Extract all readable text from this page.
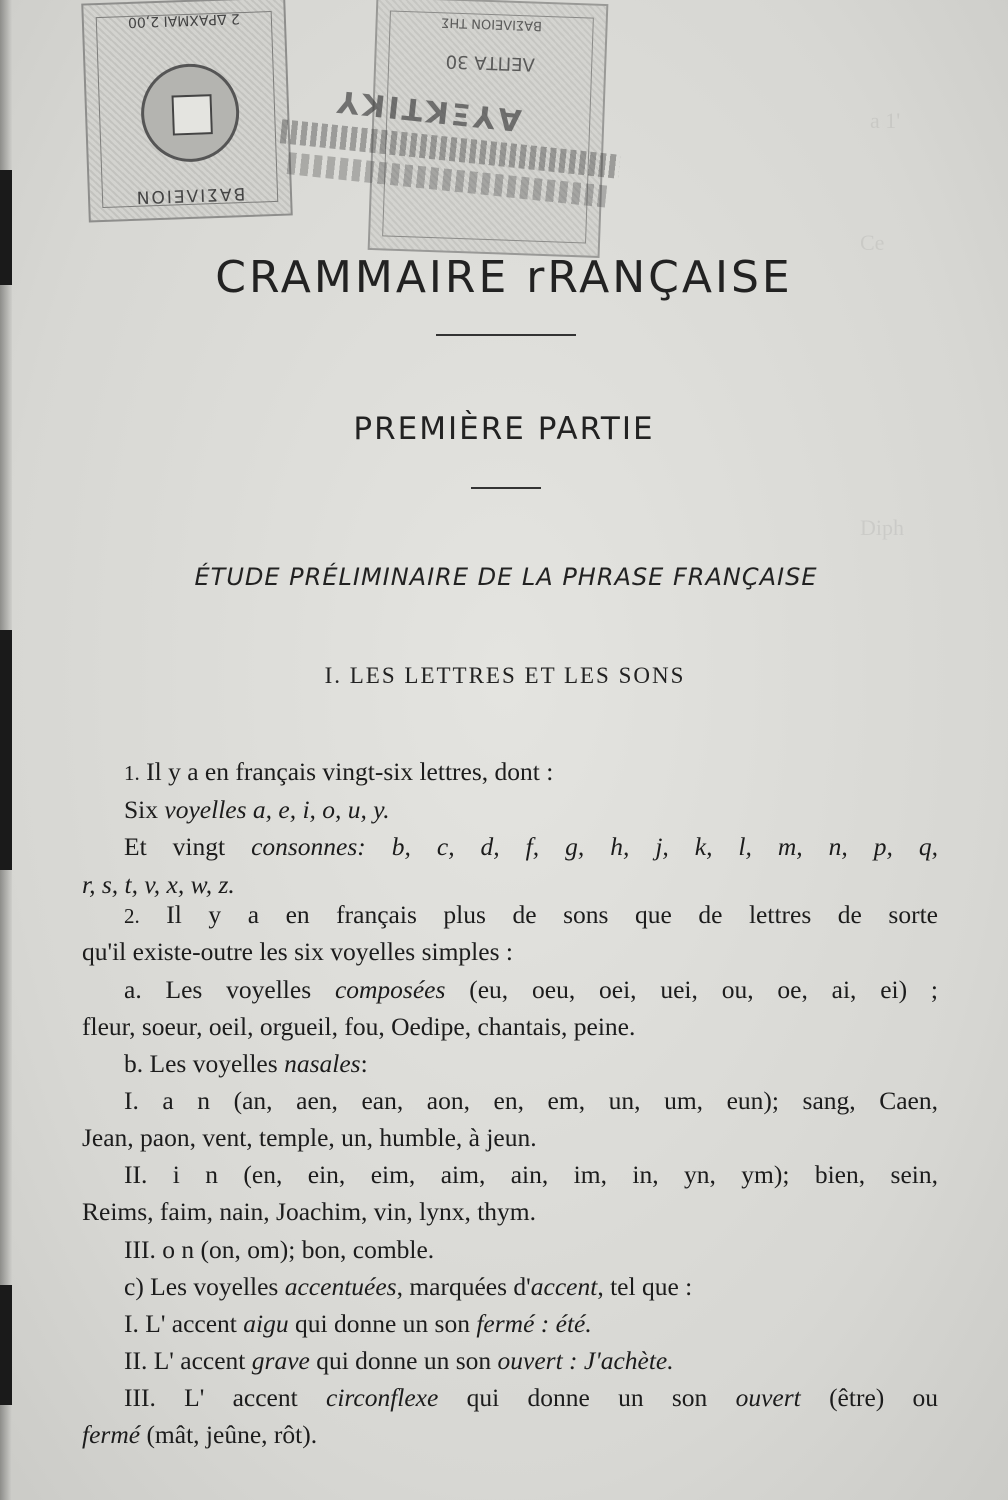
a 1'
Ce
Diph
2 ΔΡΑΧΜΑΙ 2,00
ΒΑΣΙΛΕΙΟΝ
ΒΑΣΙΛΕΙΟΝ ΤΗΣ
ΛΕΠΤΑ 30
ΑΥΞΚΤΙΚΥ
CRAMMAIRE rRANÇAISE
PREMIÈRE PARTIE
ÉTUDE PRÉLIMINAIRE DE LA PHRASE FRANÇAISE
I. LES LETTRES ET LES SONS
1. Il y a en français vingt-six lettres, dont :
Six voyelles a, e, i, o, u, y.
Et vingt consonnes: b, c, d, f, g, h, j, k, l, m, n, p, q,
r, s, t, v, x, w, z.
2. Il y a en français plus de sons que de lettres de sorte
qu'il existe-outre les six voyelles simples :
a. Les voyelles composées (eu, oeu, oei, uei, ou, oe, ai, ei) ;
fleur, soeur, oeil, orgueil, fou, Oedipe, chantais, peine.
b. Les voyelles nasales:
I. a n (an, aen, ean, aon, en, em, un, um, eun); sang, Caen,
Jean, paon, vent, temple, un, humble, à jeun.
II. i n (en, ein, eim, aim, ain, im, in, yn, ym); bien, sein,
Reims, faim, nain, Joachim, vin, lynx, thym.
III. o n (on, om); bon, comble.
c) Les voyelles accentuées, marquées d'accent, tel que :
I. L' accent aigu qui donne un son fermé : été.
II. L' accent grave qui donne un son ouvert : J'achète.
III. L' accent circonflexe qui donne un son ouvert (être) ou
fermé (mât, jeûne, rôt).
